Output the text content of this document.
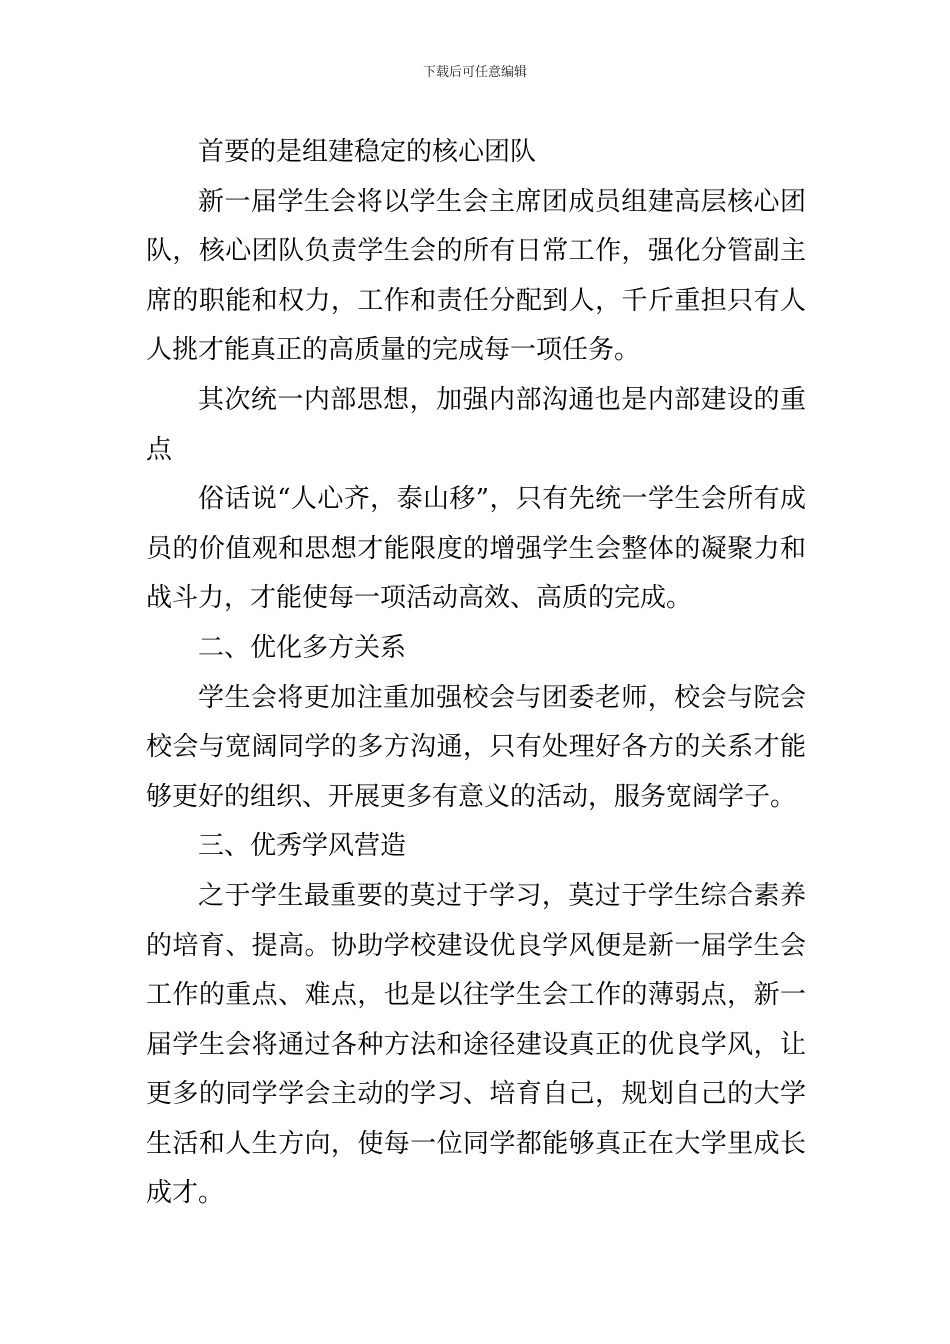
下载后可任意编辑

首要的是组建稳定的核心团队

新一届学生会将以学生会主席团成员组建高层核心团队，核心团队负责学生会的所有日常工作，强化分管副主席的职能和权力，工作和责任分配到人，千斤重担只有人人挑才能真正的高质量的完成每一项任务。

其次统一内部思想，加强内部沟通也是内部建设的重点

俗话说“人心齐，泰山移”，只有先统一学生会所有成员的价值观和思想才能限度的增强学生会整体的凝聚力和战斗力，才能使每一项活动高效、高质的完成。

二、优化多方关系

学生会将更加注重加强校会与团委老师，校会与院会校会与宽阔同学的多方沟通，只有处理好各方的关系才能够更好的组织、开展更多有意义的活动，服务宽阔学子。

三、优秀学风营造

之于学生最重要的莫过于学习，莫过于学生综合素养的培育、提高。协助学校建设优良学风便是新一届学生会工作的重点、难点，也是以往学生会工作的薄弱点，新一届学生会将通过各种方法和途径建设真正的优良学风，让更多的同学学会主动的学习、培育自己，规划自己的大学生活和人生方向，使每一位同学都能够真正在大学里成长成才。
